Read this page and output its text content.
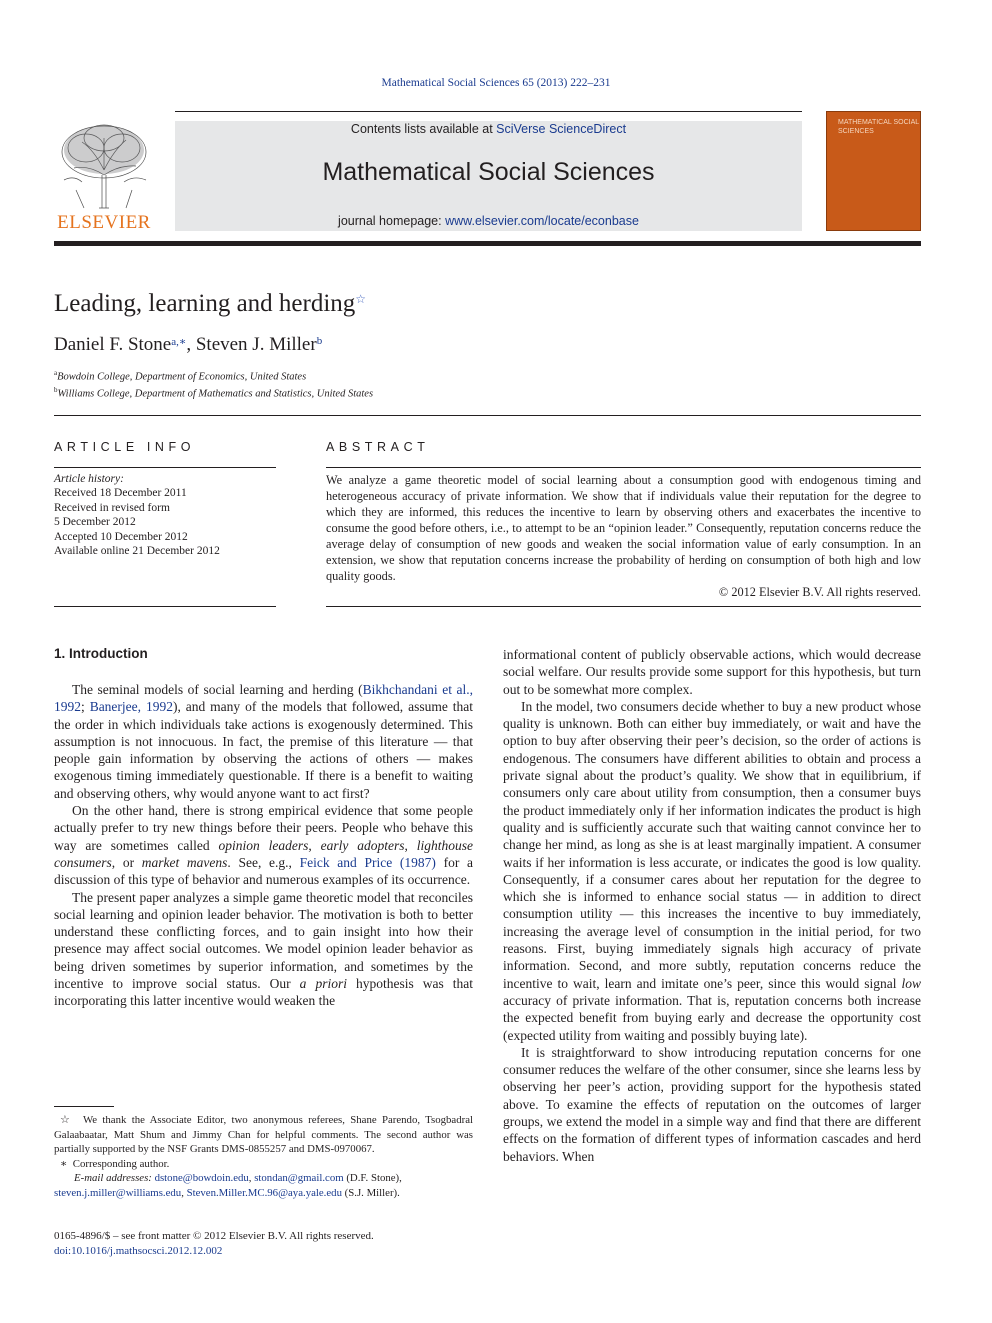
Mathematical Social Sciences 65 (2013) 222–231
ELSEVIER
Contents lists available at SciVerse ScienceDirect
Mathematical Social Sciences
journal homepage: www.elsevier.com/locate/econbase
MATHEMATICAL SOCIAL SCIENCES
Leading, learning and herding☆
Daniel F. Stone$^{a,∗}$, Steven J. Miller$^b$
$^a$Bowdoin College, Department of Economics, United States
$^b$Williams College, Department of Mathematics and Statistics, United States
ARTICLE INFO	ABSTRACT
Article history:
Received 18 December 2011
Received in revised form
5 December 2012
Accepted 10 December 2012
Available online 21 December 2012
We analyze a game theoretic model of social learning about a consumption good with endogenous timing and heterogeneous accuracy of private information. We show that if individuals value their reputation for the degree to which they are informed, this reduces the incentive to learn by observing others and exacerbates the incentive to consume the good before others, i.e., to attempt to be an “opinion leader.” Consequently, reputation concerns reduce the average delay of consumption of new goods and weaken the social information value of early consumption. In an extension, we show that reputation concerns increase the probability of herding on consumption of both high and low quality goods.
© 2012 Elsevier B.V. All rights reserved.
1. Introduction

The seminal models of social learning and herding (Bikhchandani et al., 1992; Banerjee, 1992), and many of the models that followed, assume that the order in which individuals take actions is exogenously determined. This assumption is not innocuous. In fact, the premise of this literature — that people gain information by observing the actions of others — makes exogenous timing immediately questionable. If there is a benefit to waiting and observing others, why would anyone want to act first?

On the other hand, there is strong empirical evidence that some people actually prefer to try new things before their peers. People who behave this way are sometimes called opinion leaders, early adopters, lighthouse consumers, or market mavens. See, e.g., Feick and Price (1987) for a discussion of this type of behavior and numerous examples of its occurrence.

The present paper analyzes a simple game theoretic model that reconciles social learning and opinion leader behavior. The motivation is both to better understand these conflicting forces, and to gain insight into how their presence may affect social outcomes. We model opinion leader behavior as being driven sometimes by superior information, and sometimes by the incentive to improve social status. Our a priori hypothesis was that incorporating this latter incentive would weaken the

informational content of publicly observable actions, which would decrease social welfare. Our results provide some support for this hypothesis, but turn out to be somewhat more complex.

In the model, two consumers decide whether to buy a new product whose quality is unknown. Both can either buy immediately, or wait and have the option to buy after observing their peer’s decision, so the order of actions is endogenous. The consumers have different abilities to obtain and process a private signal about the product’s quality. We show that in equilibrium, if consumers only care about utility from consumption, then a consumer buys the product immediately only if her information indicates the product is high quality and is sufficiently accurate such that waiting cannot convince her to change her mind, as long as she is at least marginally impatient. A consumer waits if her information is less accurate, or indicates the good is low quality. Consequently, if a consumer cares about her reputation for the degree to which she is informed to enhance social status — in addition to direct consumption utility — this increases the incentive to buy immediately, increasing the average level of consumption in the initial period, for two reasons. First, buying immediately signals high accuracy of private information. Second, and more subtly, reputation concerns reduce the incentive to wait, learn and imitate one’s peer, since this would signal low accuracy of private information. That is, reputation concerns both increase the expected benefit from buying early and decrease the opportunity cost (expected utility from waiting and possibly buying late).

It is straightforward to show introducing reputation concerns for one consumer reduces the welfare of the other consumer, since she learns less by observing her peer’s action, providing support for the hypothesis stated above. To examine the effects of reputation on the outcomes of larger groups, we extend the model in a simple way and find that there are different effects on the formation of different types of information cascades and herd behaviors. When

☆ We thank the Associate Editor, two anonymous referees, Shane Parendo, Tsogbadral Galaabaatar, Matt Shum and Jimmy Chan for helpful comments. The second author was partially supported by the NSF Grants DMS-0855257 and DMS-0970067.

∗ Corresponding author.

E-mail addresses: dstone@bowdoin.edu, stondan@gmail.com (D.F. Stone),
steven.j.miller@williams.edu, Steven.Miller.MC.96@aya.yale.edu (S.J. Miller).

0165-4896/$ – see front matter © 2012 Elsevier B.V. All rights reserved.
doi:10.1016/j.mathsocsci.2012.12.002
